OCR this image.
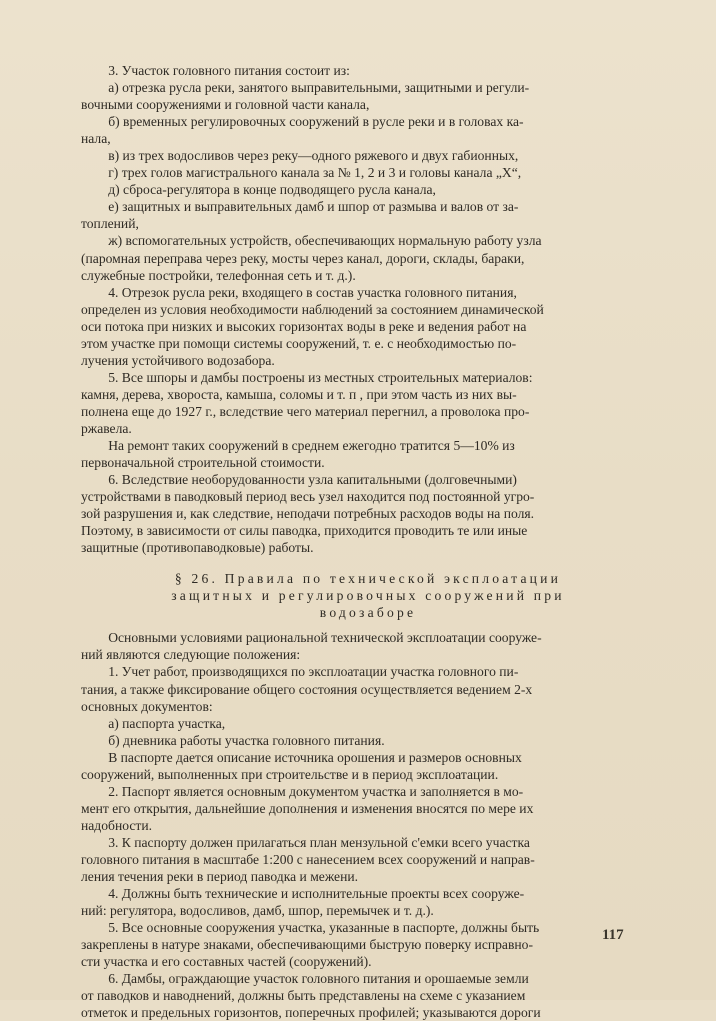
3. Участок головного питания состоит из:
а) отрезка русла реки, занятого выправительными, защитными и регули-
вочными сооружениями и головной части канала,
б) временных регулировочных сооружений в русле реки и в головах ка-
нала,
в) из трех водосливов через реку—одного ряжевого и двух габионных,
г) трех голов магистрального канала за № 1, 2 и 3 и головы канала „X“,
д) сброса-регулятора в конце подводящего русла канала,
е) защитных и выправительных дамб и шпор от размыва и валов от за-
топлений,
ж) вспомогательных устройств, обеспечивающих нормальную работу узла
(паромная переправа через реку, мосты через канал, дороги, склады, бараки,
служебные постройки, телефонная сеть и т. д.).
4. Отрезок русла реки, входящего в состав участка головного питания,
определен из условия необходимости наблюдений за состоянием динамической
оси потока при низких и высоких горизонтах воды в реке и ведения работ на
этом участке при помощи системы сооружений, т. е. с необходимостью по-
лучения устойчивого водозабора.
5. Все шпоры и дамбы построены из местных строительных материалов:
камня, дерева, хвороста, камыша, соломы и т. п , при этом часть из них вы-
полнена еще до 1927 г., вследствие чего материал перегнил, а проволока про-
ржавела.
На ремонт таких сооружений в среднем ежегодно тратится 5—10% из
первоначальной строительной стоимости.
6. Вследствие необорудованности узла капитальными (долговечными)
устройствами в паводковый период весь узел находится под постоянной угро-
зой разрушения и, как следствие, неподачи потребных расходов воды на поля.
Поэтому, в зависимости от силы паводка, приходится проводить те или иные
защитные (противопаводковые) работы.
§ 26. Правила по технической эксплоатации
защитных и регулировочных сооружений при
водозаборе
Основными условиями рациональной технической эксплоатации сооруже-
ний являются следующие положения:
1. Учет работ, производящихся по эксплоатации участка головного пи-
тания, а также фиксирование общего состояния осуществляется ведением 2-х
основных документов:
а) паспорта участка,
б) дневника работы участка головного питания.
В паспорте дается описание источника орошения и размеров основных
сооружений, выполненных при строительстве и в период эксплоатации.
2. Паспорт является основным документом участка и заполняется в мо-
мент его открытия, дальнейшие дополнения и изменения вносятся по мере их
надобности.
3. К паспорту должен прилагаться план мензульной с'емки всего участка
головного питания в масштабе 1:200 с нанесением всех сооружений и направ-
ления течения реки в период паводка и межени.
4. Должны быть технические и исполнительные проекты всех сооруже-
ний: регулятора, водосливов, дамб, шпор, перемычек и т. д.).
5. Все основные сооружения участка, указанные в паспорте, должны быть
закреплены в натуре знаками, обеспечивающими быструю поверку исправно-
сти участка и его составных частей (сооружений).
6. Дамбы, ограждающие участок головного питания и орошаемые земли
от паводков и наводнений, должны быть представлены на схеме с указанием
отметок и предельных горизонтов, поперечных профилей; указываются дороги
117
